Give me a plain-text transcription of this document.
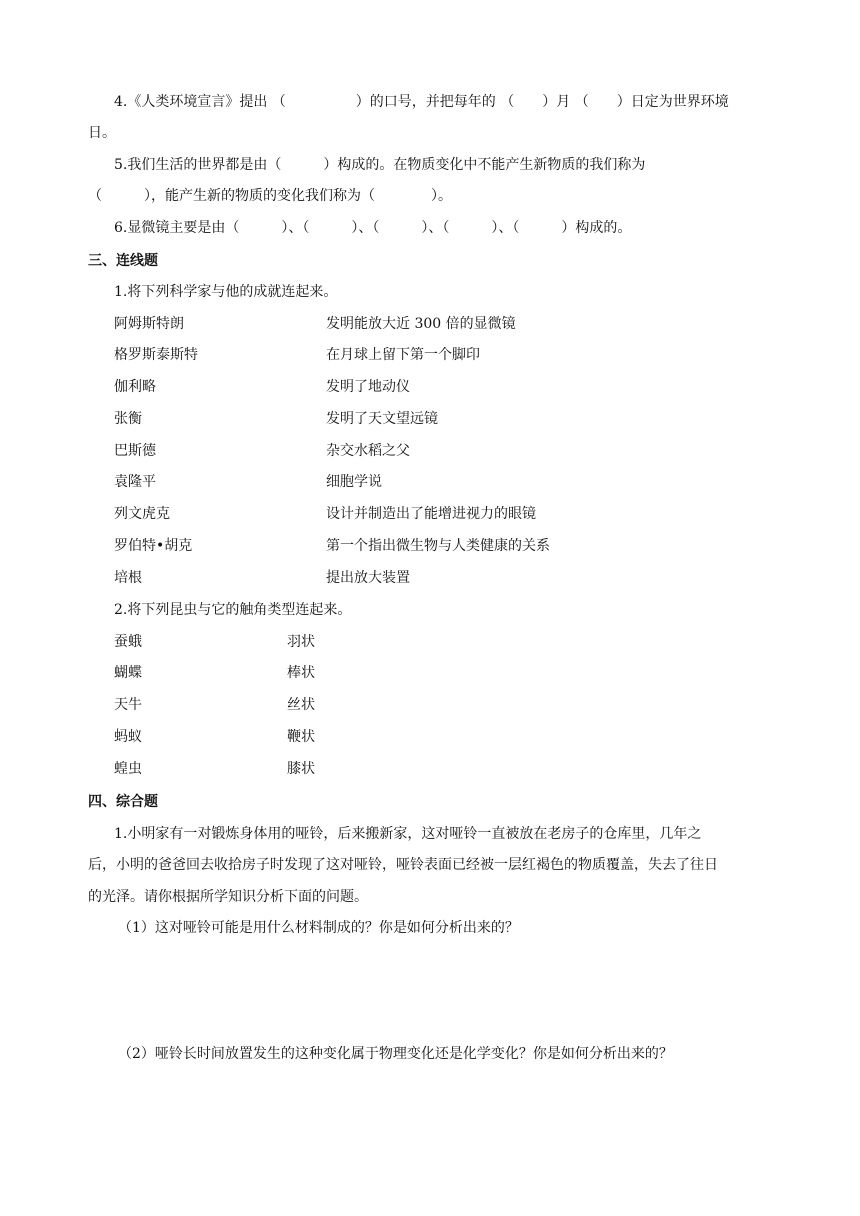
4.《人类环境宣言》提出 （　　　　　）的口号，并把每年的 （　　）月 （　　）日定为世界环境
日。
5.我们生活的世界都是由（　　　）构成的。在物质变化中不能产生新物质的我们称为
（　　　），能产生新的物质的变化我们称为（　　　　）。
6.显微镜主要是由（　　　）、（　　　）、（　　　）、（　　　）、（　　　）构成的。
三、连线题
1.将下列科学家与他的成就连起来。
阿姆斯特朗	发明能放大近 300 倍的显微镜
格罗斯泰斯特	在月球上留下第一个脚印
伽利略	发明了地动仪
张衡	发明了天文望远镜
巴斯德	杂交水稻之父
袁隆平	细胞学说
列文虎克	设计并制造出了能增进视力的眼镜
罗伯特•胡克	第一个指出微生物与人类健康的关系
培根	提出放大装置
2.将下列昆虫与它的触角类型连起来。
蚕蛾	羽状
蝴蝶	棒状
天牛	丝状
蚂蚁	鞭状
蝗虫	膝状
四、综合题
1.小明家有一对锻炼身体用的哑铃，后来搬新家，这对哑铃一直被放在老房子的仓库里，几年之
后，小明的爸爸回去收拾房子时发现了这对哑铃，哑铃表面已经被一层红褐色的物质覆盖，失去了往日
的光泽。请你根据所学知识分析下面的问题。
（1）这对哑铃可能是用什么材料制成的？你是如何分析出来的？
（2）哑铃长时间放置发生的这种变化属于物理变化还是化学变化？你是如何分析出来的？
